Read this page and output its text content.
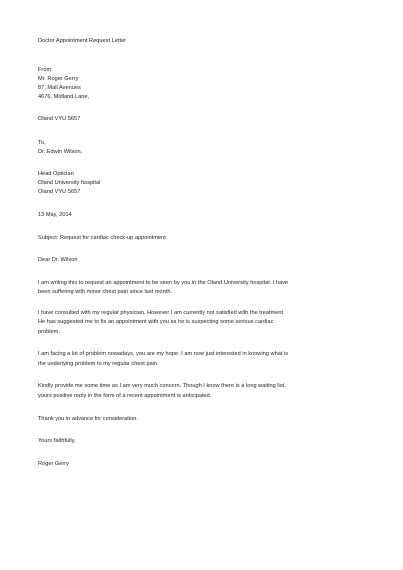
Doctor Appointment Request Letter
From:
Mr. Roger Gerry
87, Mall Avenues
4676, Midland Lane,
Oland VYU 5657
To,
Dr. Edwin Wilson,
Head Optician
Oland University hospital
Oland VYU 5657
13 May, 2014
Subject: Request for cardiac check-up appointment
Dear Dr. Wilson
I am writing this to request an appointment to be seen by you in the Oland University hospital. I have
been suffering with minor chest pain since last month.
I have consulted with my regular physician. However I am currently not satisfied with the treatment.
He has suggested me to fix an appointment with you as he is suspecting some serious cardiac
problem.
I am facing a lot of problem nowadays, you are my hope. I am now just interested in knowing what is
the underlying problem to my regular chest pain.
Kindly provide me some time as I am very much concern. Though I know there is a long waiting list,
yours positive reply in the form of a recent appointment is anticipated.
Thank you in advance for consideration.
Yours faithfully,
Roger Gerry
